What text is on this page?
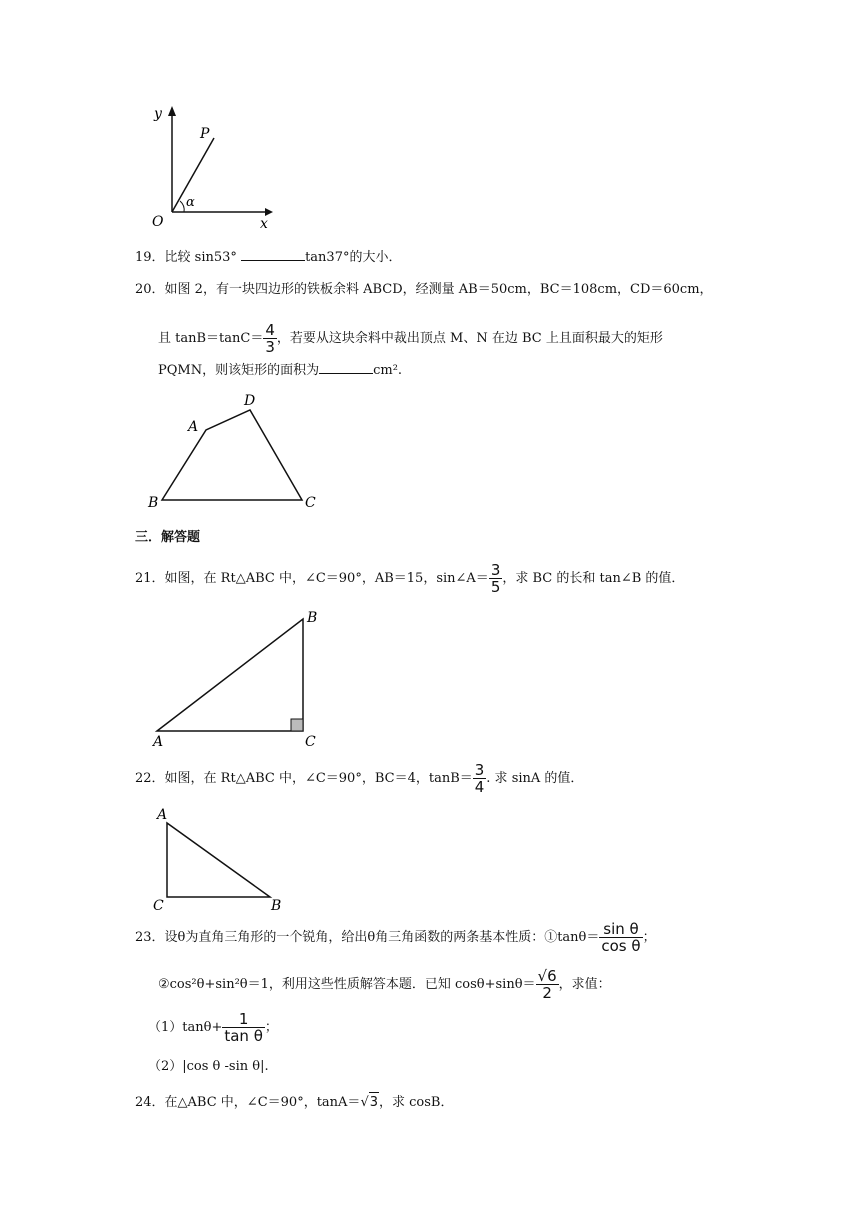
y
P
α
O	x
19．比较 sin53°	tan37°的大小．
20．如图 2，有一块四边形的铁板余料 ABCD，经测量 AB＝50cm，BC＝108cm，CD＝60cm，
且 $\tan B=\tan C= \frac{4}{3}$ ，若要从这块余料中裁出顶点 M、N 在边 BC 上且面积最大的矩形
PQMN，则该矩形的面积为	cm².
A
B	C
D
三．解答题
21．如图，在 Rt△ABC 中，∠C＝90°，AB＝15，sin∠A＝ $\frac{3}{5}$ ，求 BC 的长和 tan∠B 的值．
A
B
C
22．如图，在 Rt△ABC 中，∠C＝90°，BC＝4，$\tan B= \frac{3}{4}$ . 求 sinA 的值．
A
C	B
23．设θ为直角三角形的一个锐角，给出θ角三角函数的两条基本性质：①tanθ＝ $\frac{\text{sin θ}}{\text{cos θ}}$ ；
②cos²θ+sin²θ＝1，利用这些性质解答本题．已知 $\cos\theta+\sin\theta= \frac{√6}{2}$ ，求值：
$(1)\tan\theta+ \frac{1}{\text{tan θ}}$ ；
（2）|cos θ -sin θ|.
24．在△ABC 中，∠C＝90°，tanA＝√3，求 cosB．
